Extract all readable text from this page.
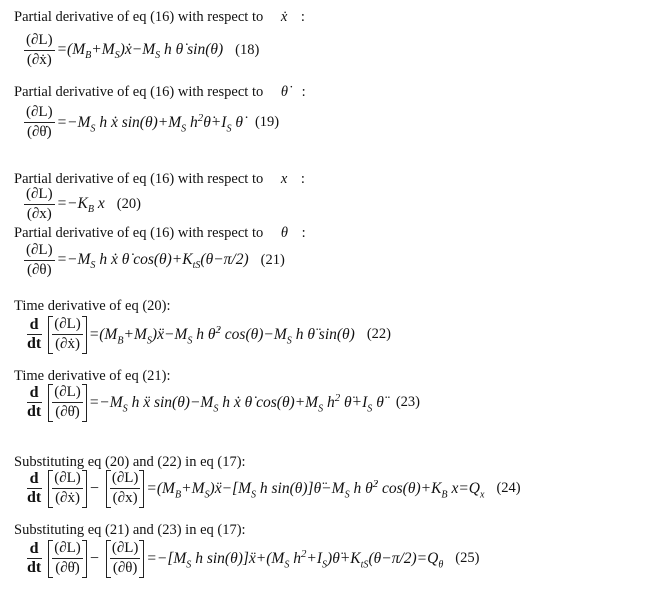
Partial derivative of eq (16) with respect to ẋ :
$\frac{(\partial L)}{\text{(∂ẋ)}}$ $=(M_B+M_S)ẋ-M_S$ h θ̇ sin(θ) (18)
Partial derivative of eq (16) with respect to θ̇ :
$\frac{(\partial L)}{(\partial\thetȧ)} =-M_S$ h ẋ $\sin(\theta)+M_S$ $h^2\thetȧ+I_S$ θ̇ (19)
Partial derivative of eq (16) with respect to x :
$\frac{(\partial L)}{(\partial x)} =-K_B$ x (20)
Partial derivative of eq (16) with respect to θ :
$\frac{(\partial L)}{(\partial\theta)} =-M_S$ h ẋ θ̇ $\cos(\theta)+K_{tS}(\theta-\pi/2)$ (21)
Time derivative of eq (20):
$\frac{d}{dt} \frac{(\partial L)}{\text{(∂ẋ)}}$ $=(M_B+M_S)ẍ-M_S$ h θ̇$^2$ $\cos(\theta)-M_S$ h θ̈ sin(θ) (22)
Time derivative of eq (21):
$\frac{d}{dt} \frac{(\partial L)}{(\partial\thetȧ)} =-M_S$ h ẍ $\sin(\theta)-M_S$ h ẋ θ̇ $\cos(\theta)+M_S$ $h^2$ $\thetä+I_S$ θ̈ (23)
Substituting eq (20) and (22) in eq (17):
$\frac{d}{dt} \frac{(\partial L)}{\text{(∂ẋ)}} - \frac{(\partial L)}{(\partial x)}$ $=(M_B+M_S)ẍ-[M_S$ h $\sin(\theta)]\thetä-M_S$ h θ̇$^2$ $\cos(\theta)+K_B$ $x=Q_x$ (24)
Substituting eq (21) and (23) in eq (17):
$\frac{d}{dt} \frac{(\partial L)}{(\partial\thetȧ)} - \frac{(\partial L)}{(\partial\theta)} =-[M_S$ h $\sin(\theta)]ẍ+(M_S$ $h^2+I_S)\thetä+K_{tS}(\theta-\pi/2)=Q_\theta$ (25)
